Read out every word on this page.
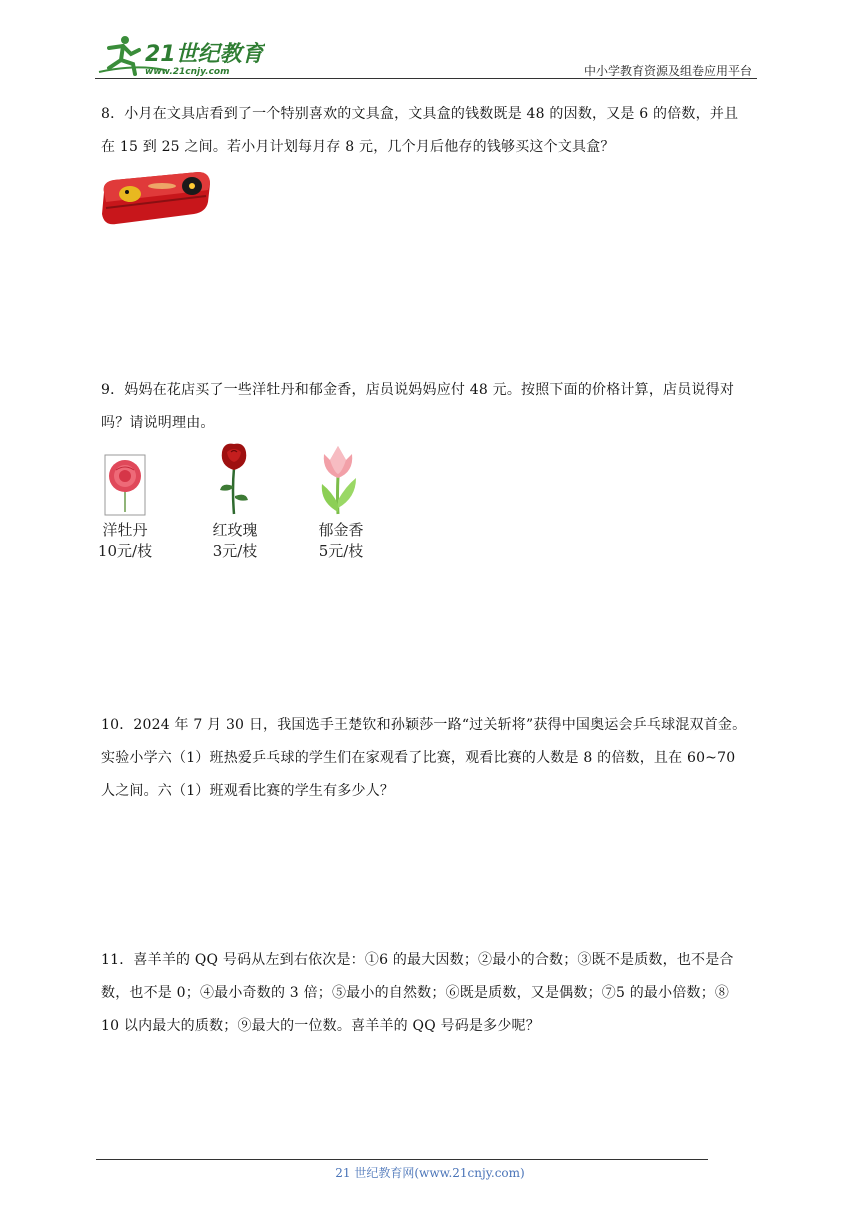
21世纪教育
www.21cnjy.com	中小学教育资源及组卷应用平台

8．小月在文具店看到了一个特别喜欢的文具盒，文具盒的钱数既是 48 的因数，又是 6 的倍数，并且

在 15 到 25 之间。若小月计划每月存 8 元，几个月后他存的钱够买这个文具盒？

9．妈妈在花店买了一些洋牡丹和郁金香，店员说妈妈应付 48 元。按照下面的价格计算，店员说得对

吗？请说明理由。

洋牡丹
10元/枝
红玫瑰
3元/枝
郁金香
5元/枝

10．2024 年 7 月 30 日，我国选手王楚钦和孙颖莎一路“过关斩将”获得中国奥运会乒乓球混双首金。

实验小学六（1）班热爱乒乓球的学生们在家观看了比赛，观看比赛的人数是 8 的倍数，且在 60~70

人之间。六（1）班观看比赛的学生有多少人？

11．喜羊羊的 QQ 号码从左到右依次是：①6 的最大因数；②最小的合数；③既不是质数，也不是合

数，也不是 0；④最小奇数的 3 倍；⑤最小的自然数；⑥既是质数，又是偶数；⑦5 的最小倍数；⑧

10 以内最大的质数；⑨最大的一位数。喜羊羊的 QQ 号码是多少呢？

21 世纪教育网(www.21cnjy.com)
